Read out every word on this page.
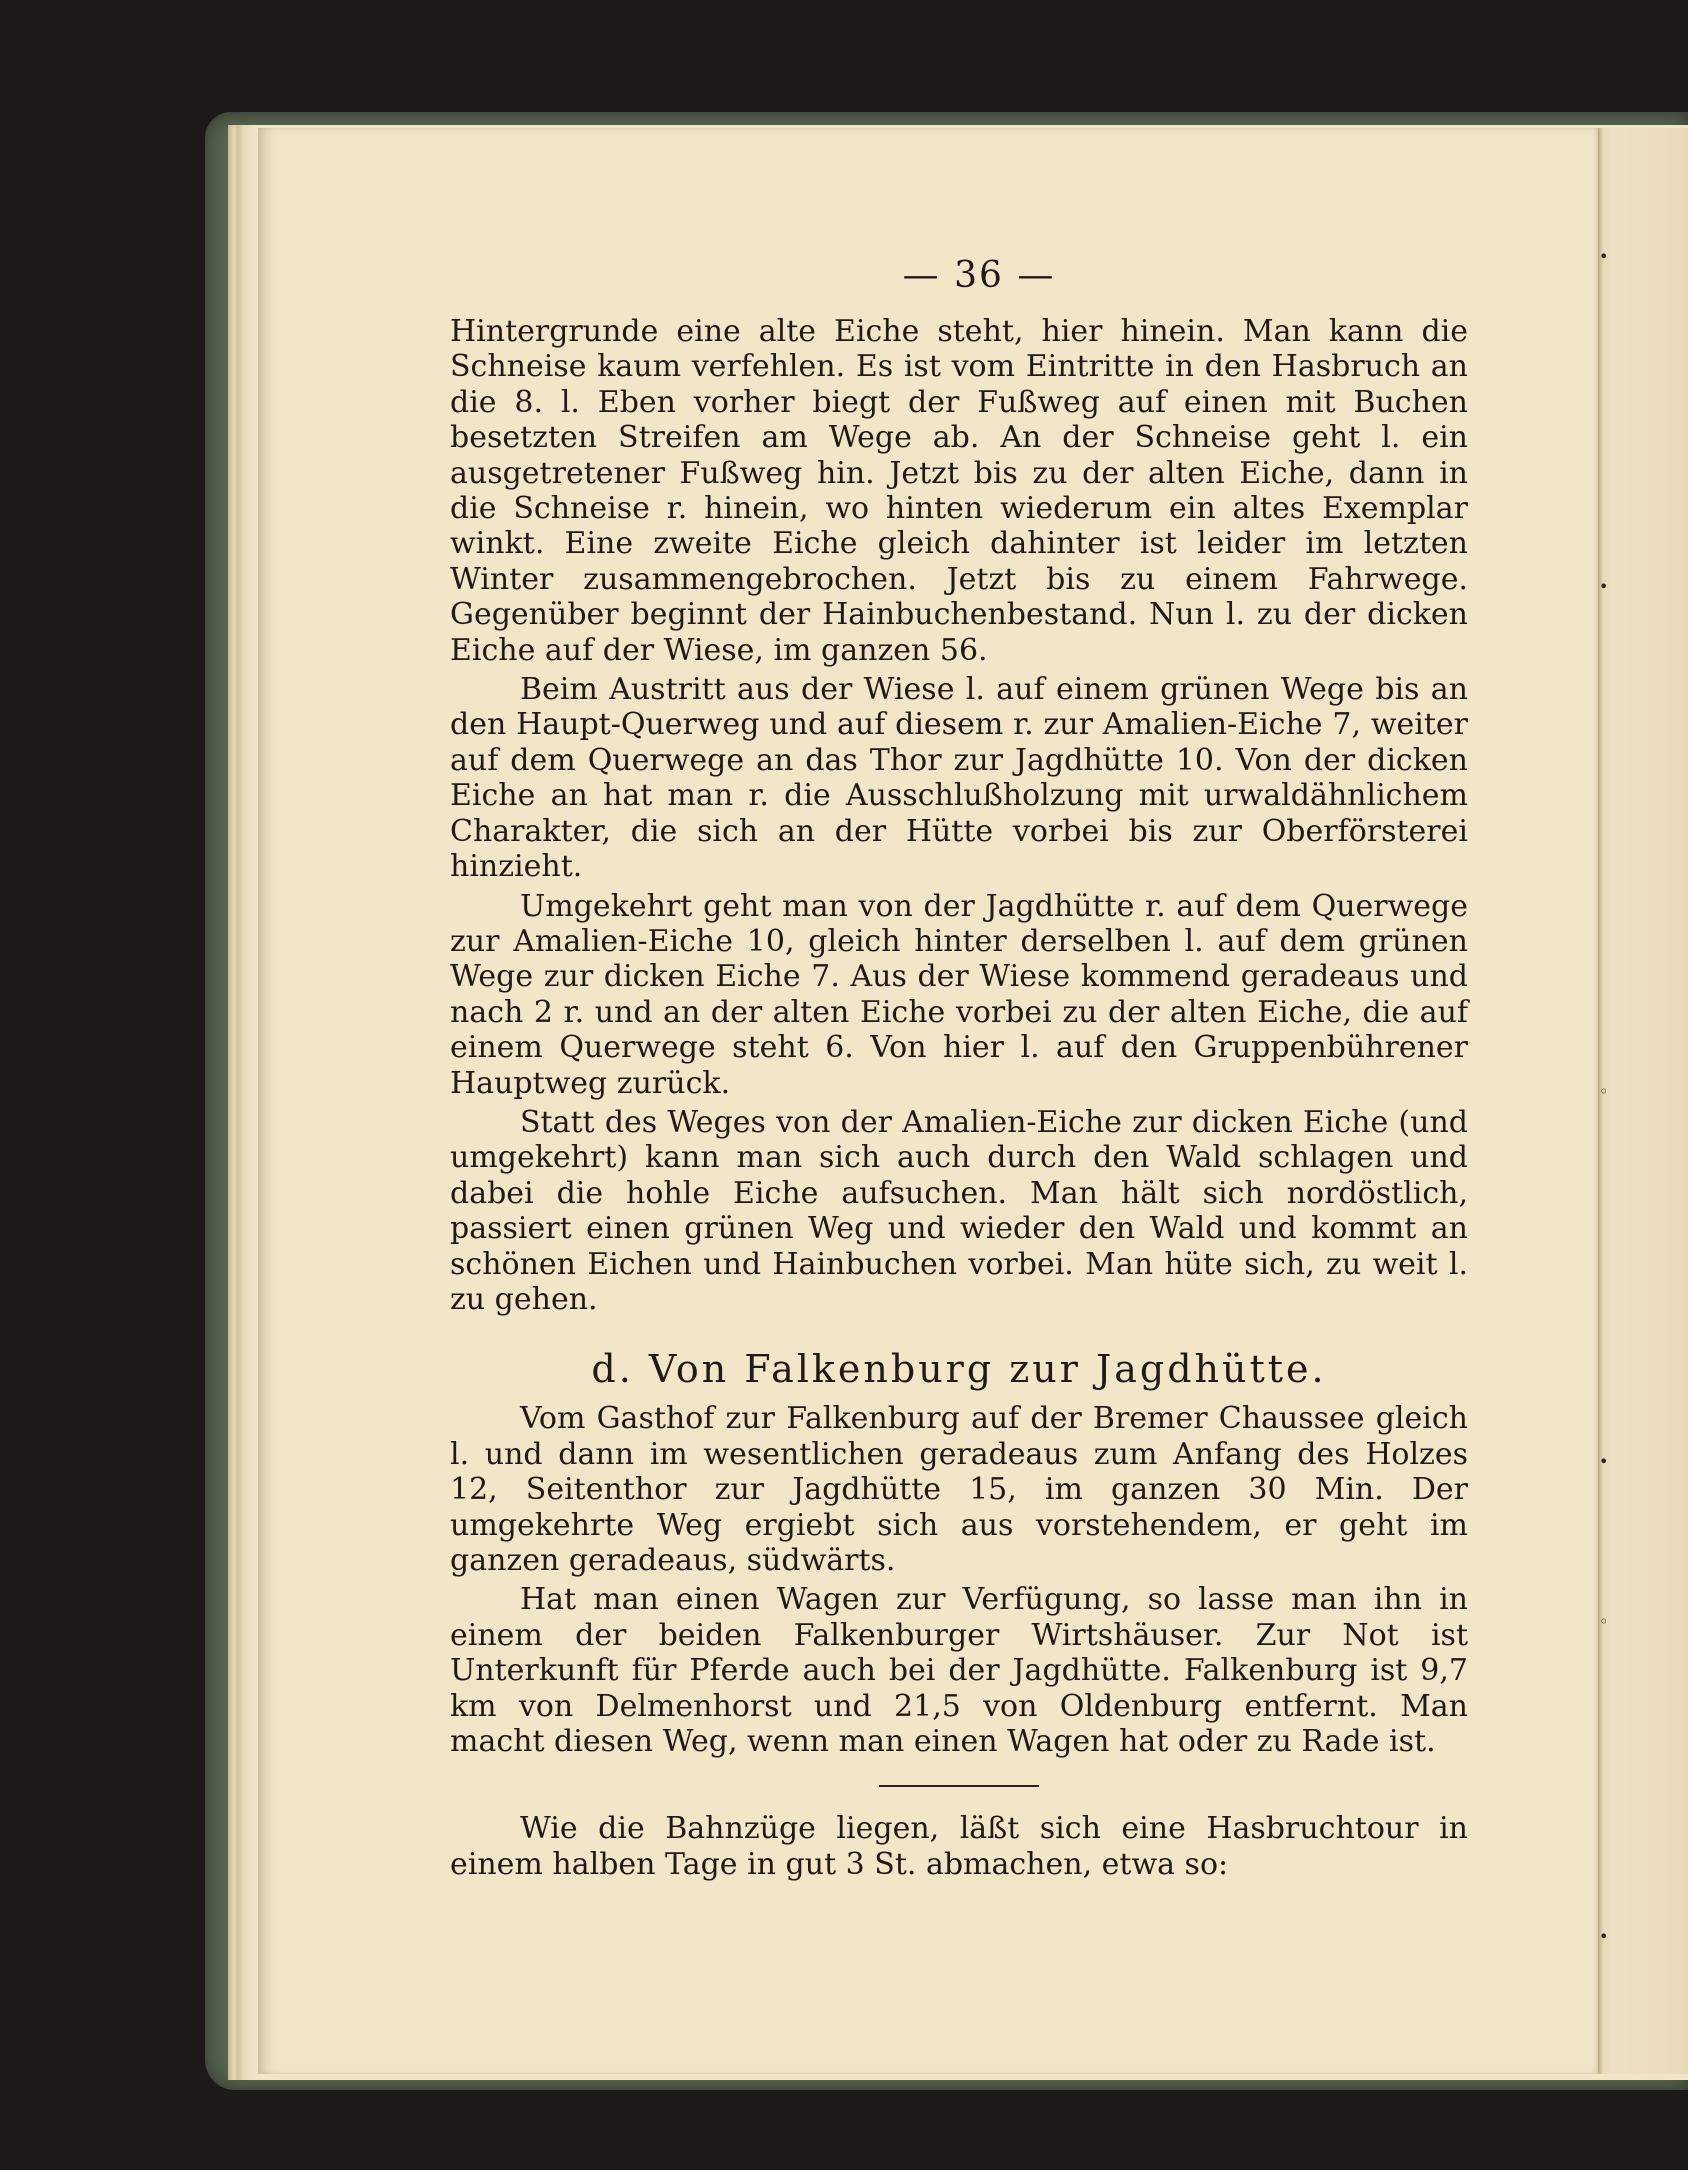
•
•
◦
•
◦
•
— 36 —

Hintergrunde eine alte Eiche steht, hier hinein. Man kann die Schneise kaum verfehlen. Es ist vom Eintritte in den Hasbruch an die 8. l. Eben vorher biegt der Fußweg auf einen mit Buchen besetzten Streifen am Wege ab. An der Schneise geht l. ein ausgetretener Fußweg hin. Jetzt bis zu der alten Eiche, dann in die Schneise r. hinein, wo hinten wiederum ein altes Exemplar winkt. Eine zweite Eiche gleich dahinter ist leider im letzten Winter zusammengebrochen. Jetzt bis zu einem Fahrwege. Gegenüber beginnt der Hainbuchenbestand. Nun l. zu der dicken Eiche auf der Wiese, im ganzen 56.

Beim Austritt aus der Wiese l. auf einem grünen Wege bis an den Haupt-Querweg und auf diesem r. zur Amalien-Eiche 7, weiter auf dem Querwege an das Thor zur Jagdhütte 10. Von der dicken Eiche an hat man r. die Ausschlußholzung mit urwaldähnlichem Charakter, die sich an der Hütte vorbei bis zur Oberförsterei hinzieht.

Umgekehrt geht man von der Jagdhütte r. auf dem Querwege zur Amalien-Eiche 10, gleich hinter derselben l. auf dem grünen Wege zur dicken Eiche 7. Aus der Wiese kommend geradeaus und nach 2 r. und an der alten Eiche vorbei zu der alten Eiche, die auf einem Querwege steht 6. Von hier l. auf den Gruppenbührener Hauptweg zurück.

Statt des Weges von der Amalien-Eiche zur dicken Eiche (und umgekehrt) kann man sich auch durch den Wald schlagen und dabei die hohle Eiche aufsuchen. Man hält sich nordöstlich, passiert einen grünen Weg und wieder den Wald und kommt an schönen Eichen und Hainbuchen vorbei. Man hüte sich, zu weit l. zu gehen.

d. Von Falkenburg zur Jagdhütte.

Vom Gasthof zur Falkenburg auf der Bremer Chaussee gleich l. und dann im wesentlichen geradeaus zum Anfang des Holzes 12, Seitenthor zur Jagdhütte 15, im ganzen 30 Min. Der umgekehrte Weg ergiebt sich aus vorstehendem, er geht im ganzen geradeaus, südwärts.

Hat man einen Wagen zur Verfügung, so lasse man ihn in einem der beiden Falkenburger Wirtshäuser. Zur Not ist Unterkunft für Pferde auch bei der Jagdhütte. Falkenburg ist 9,7 km von Delmenhorst und 21,5 von Oldenburg entfernt. Man macht diesen Weg, wenn man einen Wagen hat oder zu Rade ist.

Wie die Bahnzüge liegen, läßt sich eine Hasbruchtour in einem halben Tage in gut 3 St. abmachen, etwa so:
